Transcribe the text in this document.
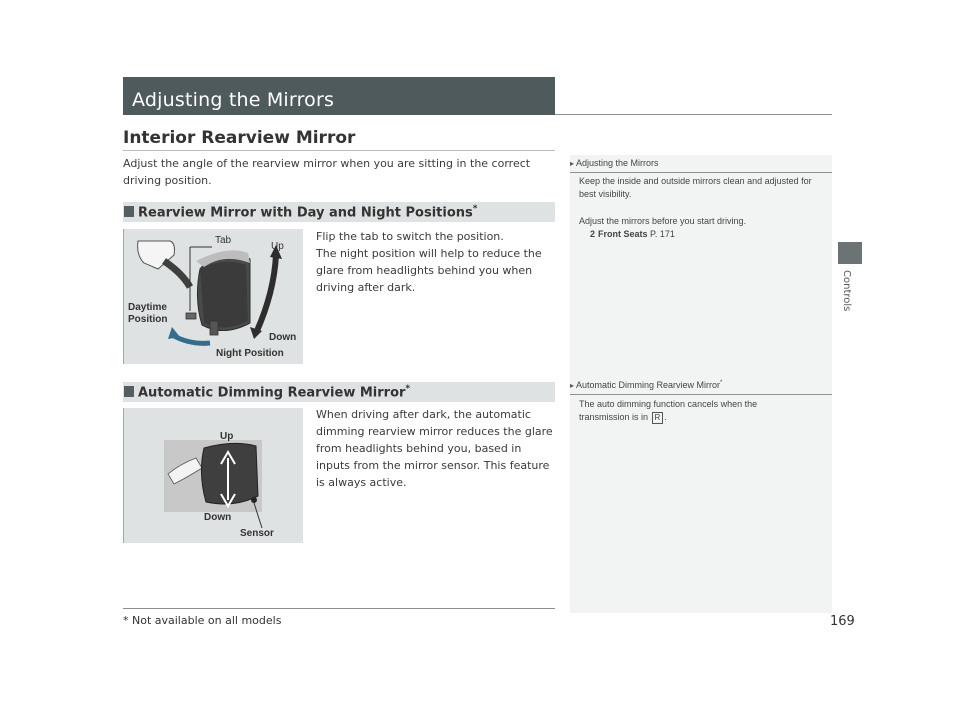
Adjusting the Mirrors
Interior Rearview Mirror
Adjust the angle of the rearview mirror when you are sitting in the correct driving position.
Rearview Mirror with Day and Night Positions*
Tab
Up
Daytime
Position
Down
Night Position
Flip the tab to switch the position.
The night position will help to reduce the glare from headlights behind you when driving after dark.
Automatic Dimming Rearview Mirror*
Up
Down
Sensor
When driving after dark, the automatic dimming rearview mirror reduces the glare from headlights behind you, based in inputs from the mirror sensor. This feature is always active.
▸ Adjusting the Mirrors
Keep the inside and outside mirrors clean and adjusted for best visibility.
Adjust the mirrors before you start driving.
2 Front Seats P. 171
▸ Automatic Dimming Rearview Mirror*
The auto dimming function cancels when the transmission is in R .
Controls
* Not available on all models	169
